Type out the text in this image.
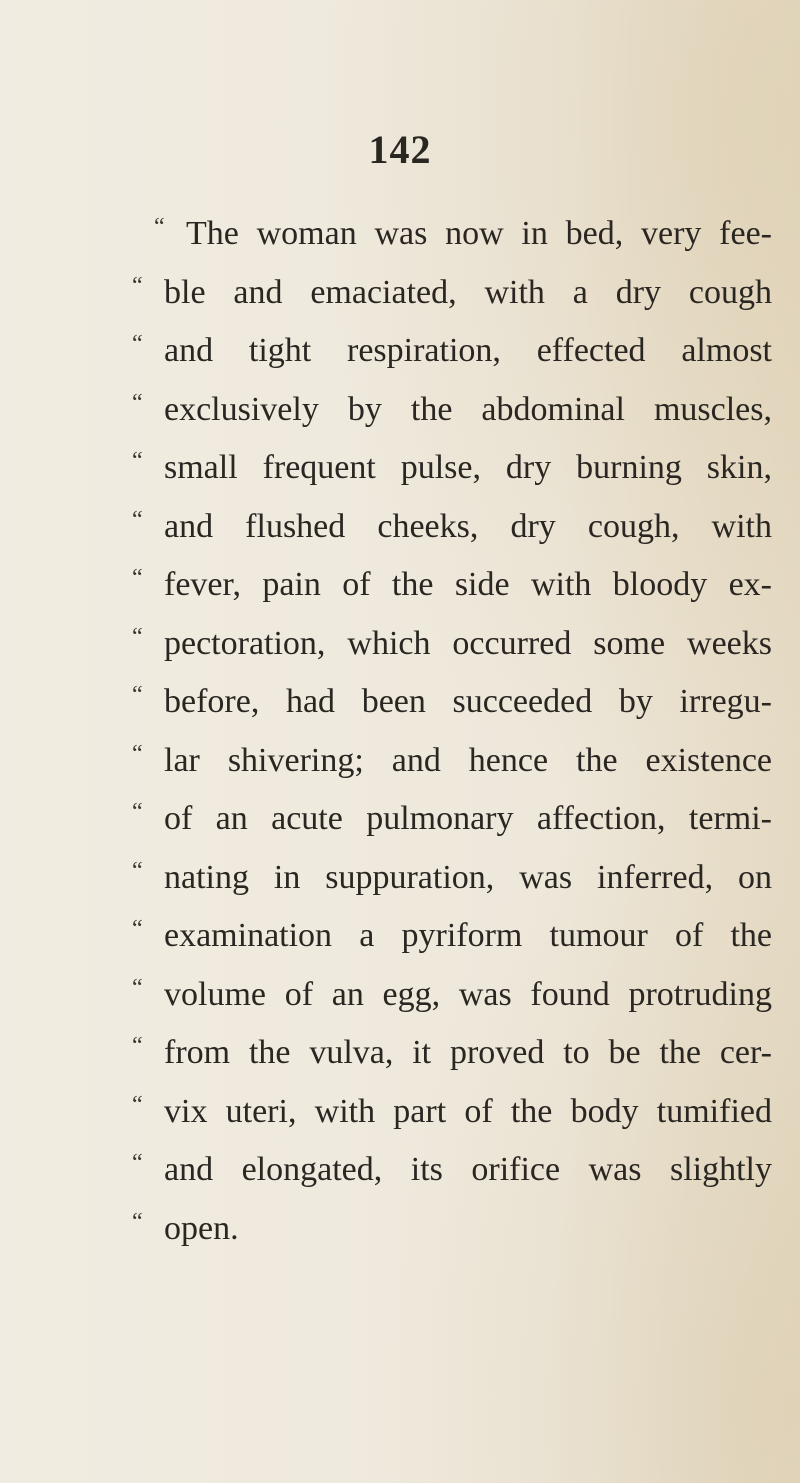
142
“ The woman was now in bed, very fee-
“ ble and emaciated, with a dry cough
“ and tight respiration, effected almost
“ exclusively by the abdominal muscles,
“ small frequent pulse, dry burning skin,
“ and flushed cheeks, dry cough, with
“ fever, pain of the side with bloody ex-
“ pectoration, which occurred some weeks
“ before, had been succeeded by irregu-
“ lar shivering; and hence the existence
“ of an acute pulmonary affection, termi-
“ nating in suppuration, was inferred, on
“ examination a pyriform tumour of the
“ volume of an egg, was found protruding
“ from the vulva, it proved to be the cer-
“ vix uteri, with part of the body tumified
“ and elongated, its orifice was slightly
“ open.
